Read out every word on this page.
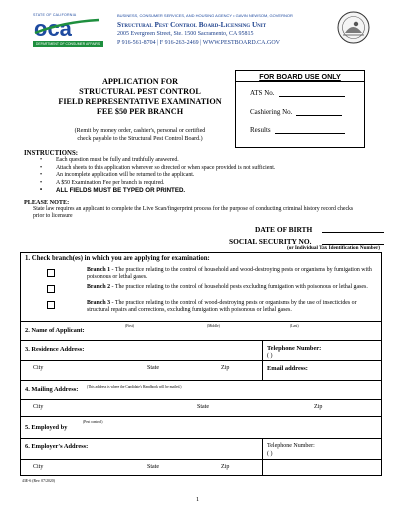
STATE OF CALIFORNIA
oca
DEPARTMENT OF CONSUMER AFFAIRS
BUSINESS, CONSUMER SERVICES, AND HOUSING AGENCY • GAVIN NEWSOM, GOVERNOR
Structural Pest Control Board-Licensing Unit
2005 Evergreen Street, Ste. 1500 Sacramento, CA 95815
P 916-561-8704 | F 916-263-2469 | WWW.PESTBOARD.CA.GOV
APPLICATION FOR
STRUCTURAL PEST CONTROL
FIELD REPRESENTATIVE EXAMINATION
FEE $50 PER BRANCH
(Remit by money order, cashier's, personal or certified
check payable to the Structural Pest Control Board.)
FOR BOARD USE ONLY
ATS No.
Cashiering No.
Results
INSTRUCTIONS:
• Each question must be fully and truthfully answered.
• Attach sheets to this application wherever so directed or when space provided is not sufficient.
• An incomplete application will be returned to the applicant.
• A $50 Examination Fee per branch is required.
• ALL FIELDS MUST BE TYPED OR PRINTED.
PLEASE NOTE:
State law requires an applicant to complete the Live Scan/fingerprint process for the purpose of conducting criminal history record checks prior to licensure
DATE OF BIRTH
SOCIAL SECURITY NO.
(or Individual Tax Identification Number)
1. Check branch(es) in which you are applying for examination:
Branch 1 - The practice relating to the control of household and wood-destroying pests or organisms by fumigation with poisonous or lethal gases.
Branch 2 - The practice relating to the control of household pests excluding fumigation with poisonous or lethal gases.
Branch 3 - The practice relating to the control of wood-destroying pests or organisms by the use of insecticides or structural repairs and corrections, excluding fumigation with poisonous or lethal gases.
2. Name of Applicant:
(First)	(Middle)	(Last)
3. Residence Address:	Telephone Number:
( )
City	State	Zip	Email address:
4. Mailing Address: (This address is where the Candidate's Handbook will be mailed.)
City	State	Zip
5. Employed by
(Pest control)
6. Employer's Address:	Telephone Number:
( )
City	State	Zip
43E-6 (Rev. 07/2020)
1
